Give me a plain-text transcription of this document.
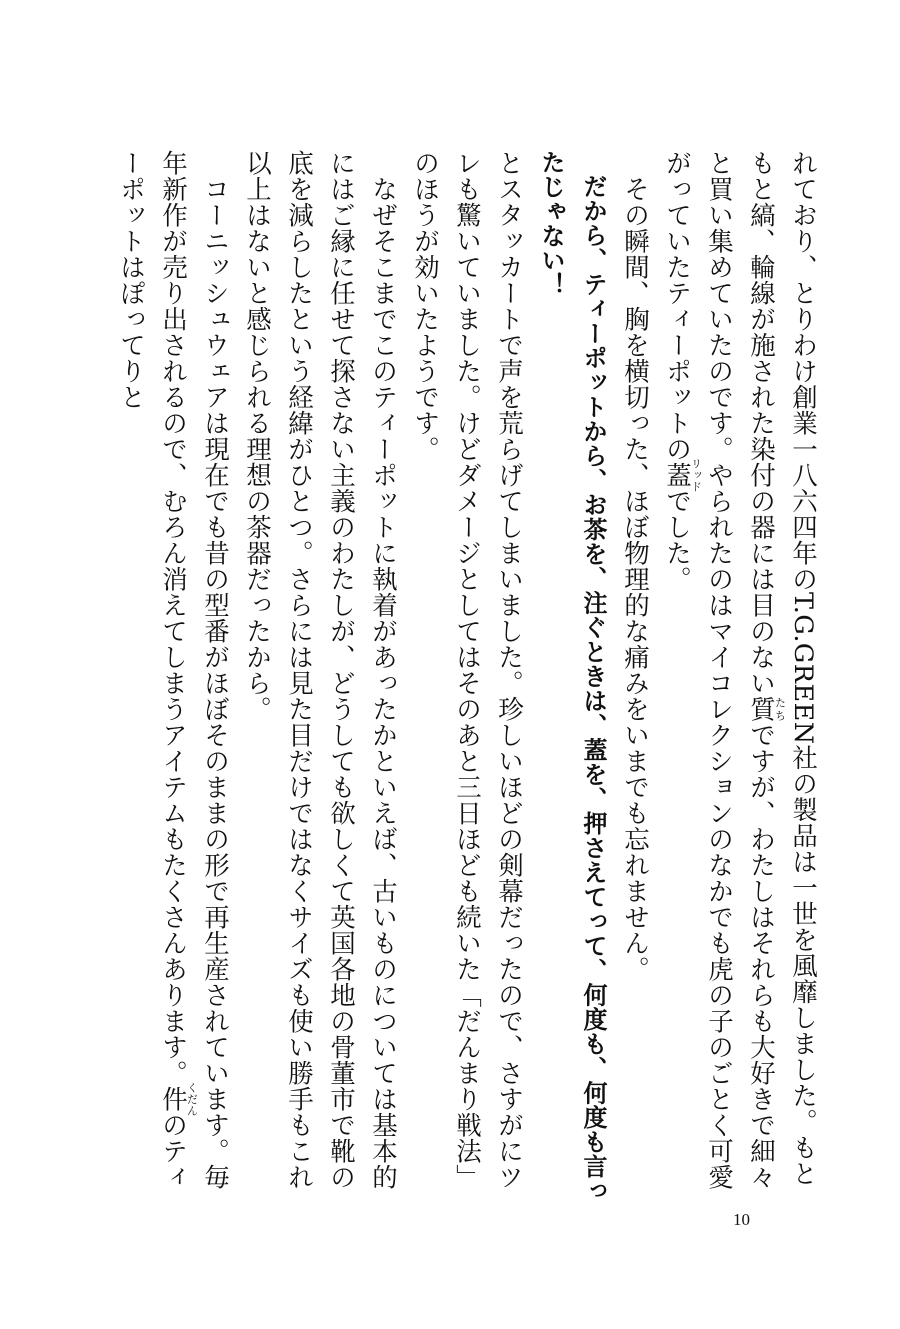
れており、とりわけ創業一八六四年のT.G.GREEN社の製品は一世を風靡しました。もともと縞、輪線が施された染付の器には目のない質たちですが、わたしはそれらも大好きで細々と買い集めていたのです。やられたのはマイコレクションのなかでも虎の子のごとく可愛がっていたティーポットの蓋リッドでした。

その瞬間、胸を横切った、ほぼ物理的な痛みをいまでも忘れません。

だから、ティーポットから、お茶を、注ぐときは、蓋を、押さえてって、何度も、何度も言ったじゃない！

とスタッカートで声を荒らげてしまいました。珍しいほどの剣幕だったので、さすがにツレも驚いていました。けどダメージとしてはそのあと三日ほども続いた「だんまり戦法」のほうが効いたようです。

なぜそこまでこのティーポットに執着があったかといえば、古いものについては基本的にはご縁に任せて探さない主義のわたしが、どうしても欲しくて英国各地の骨董市で靴の底を減らしたという経緯がひとつ。さらには見た目だけではなくサイズも使い勝手もこれ以上はないと感じられる理想の茶器だったから。

コーニッシュウェアは現在でも昔の型番がほぼそのままの形で再生産されています。毎年新作が売り出されるので、むろん消えてしまうアイテムもたくさんあります。件くだんのティーポットはぽってりと

10
